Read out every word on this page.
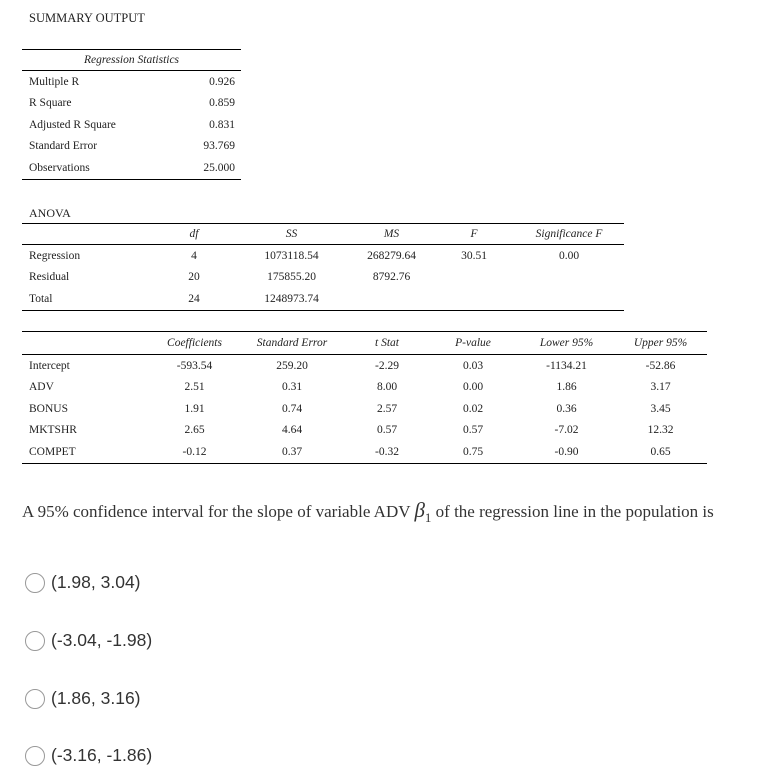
SUMMARY OUTPUT
Regression Statistics	
Multiple R	0.926
R Square	0.859
Adjusted R Square	0.831
Standard Error	93.769
Observations	25.000
ANOVA
	df	SS	MS	F	Significance F
Regression	4	1073118.54	268279.64	30.51	0.00
Residual	20	175855.20	8792.76		
Total	24	1248973.74			
	Coefficients	Standard Error	t Stat	P-value	Lower 95%	Upper 95%
Intercept	-593.54	259.20	-2.29	0.03	-1134.21	-52.86
ADV	2.51	0.31	8.00	0.00	1.86	3.17
BONUS	1.91	0.74	2.57	0.02	0.36	3.45
MKTSHR	2.65	4.64	0.57	0.57	-7.02	12.32
COMPET	-0.12	0.37	-0.32	0.75	-0.90	0.65
A 95% confidence interval for the slope of variable ADV $\beta_1$ of the regression line in the population is
(1.98, 3.04)
(-3.04, -1.98)
(1.86, 3.16)
(-3.16, -1.86)
